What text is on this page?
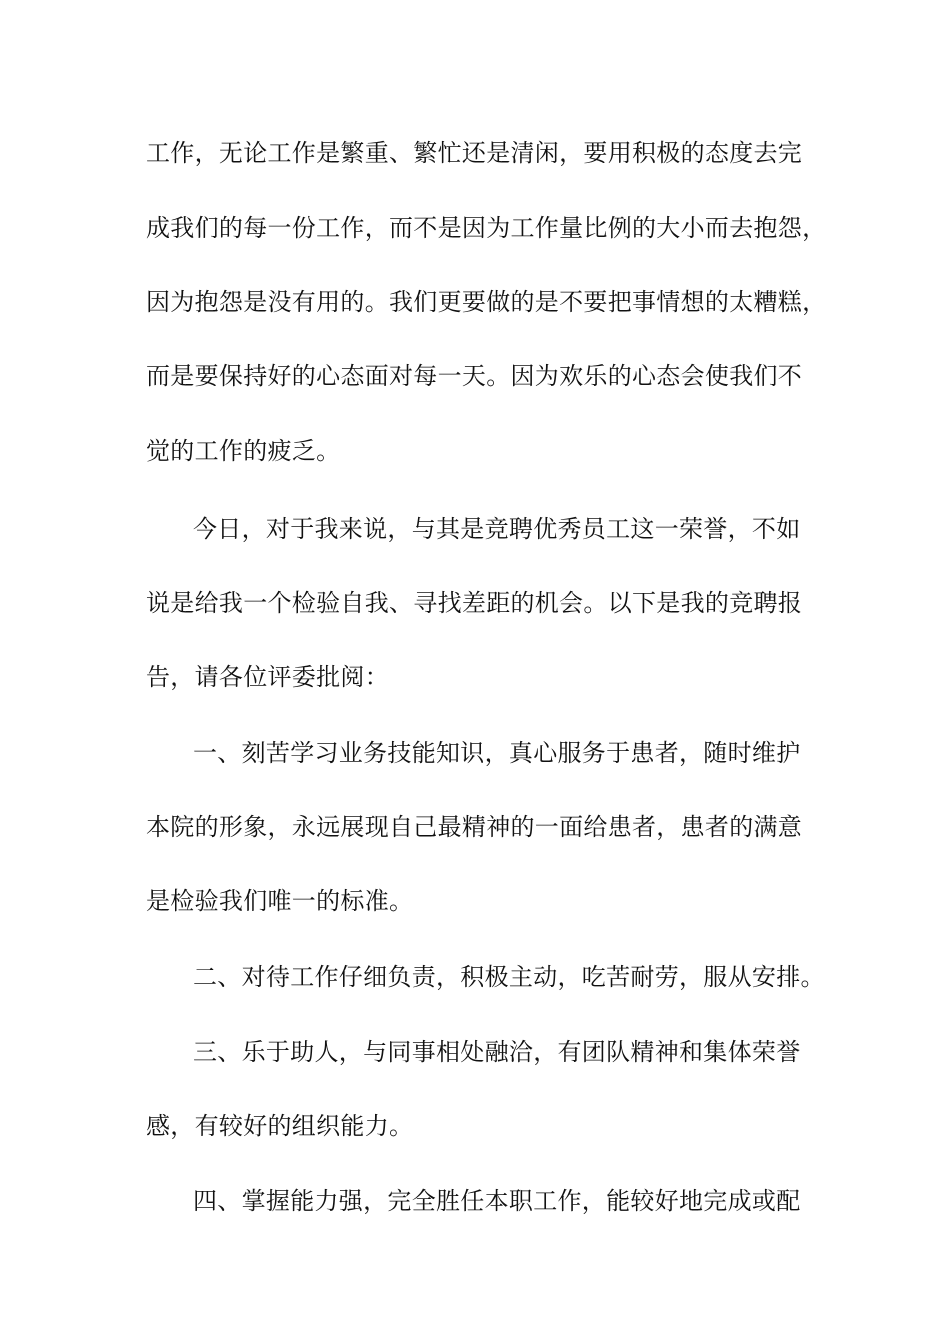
工作，无论工作是繁重、繁忙还是清闲，要用积极的态度去完
成我们的每一份工作，而不是因为工作量比例的大小而去抱怨，
因为抱怨是没有用的。我们更要做的是不要把事情想的太糟糕，
而是要保持好的心态面对每一天。因为欢乐的心态会使我们不
觉的工作的疲乏。
今日，对于我来说，与其是竞聘优秀员工这一荣誉，不如
说是给我一个检验自我、寻找差距的机会。以下是我的竞聘报
告，请各位评委批阅：
一、刻苦学习业务技能知识，真心服务于患者，随时维护
本院的形象，永远展现自己最精神的一面给患者，患者的满意
是检验我们唯一的标准。
二、对待工作仔细负责，积极主动，吃苦耐劳，服从安排。
三、乐于助人，与同事相处融洽，有团队精神和集体荣誉
感，有较好的组织能力。
四、掌握能力强，完全胜任本职工作，能较好地完成或配
